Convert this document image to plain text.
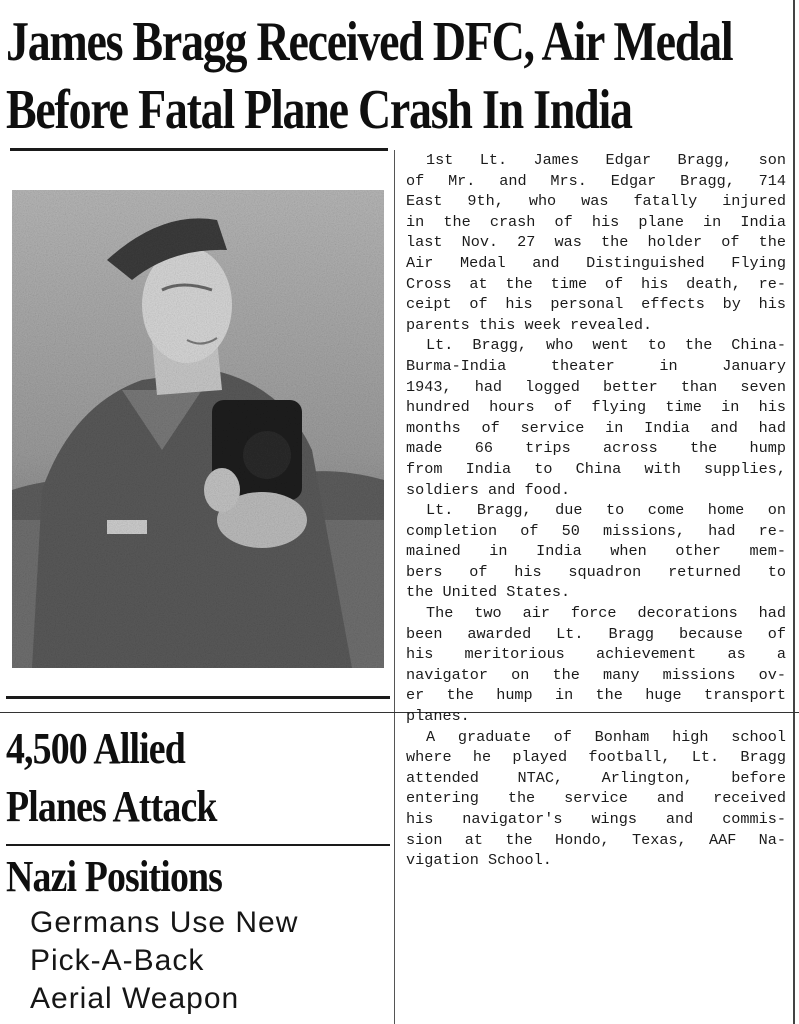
James Bragg Received DFC, Air Medal
Before Fatal Plane Crash In India
1st Lt. James Edgar Bragg, son
of Mr. and Mrs. Edgar Bragg, 714
East 9th, who was fatally injured
in the crash of his plane in India
last Nov. 27 was the holder of the
Air Medal and Distinguished Flying
Cross at the time of his death, re-
ceipt of his personal effects by his
parents this week revealed.
Lt. Bragg, who went to the China-
Burma-India theater in January
1943, had logged better than seven
hundred hours of flying time in his
months of service in India and had
made 66 trips across the hump
from India to China with supplies,
soldiers and food.
Lt. Bragg, due to come home on
completion of 50 missions, had re-
mained in India when other mem-
bers of his squadron returned to
the United States.
The two air force decorations had
been awarded Lt. Bragg because of
his meritorious achievement as a
navigator on the many missions ov-
er the hump in the huge transport
planes.
A graduate of Bonham high school
where he played football, Lt. Bragg
attended NTAC, Arlington, before
entering the service and received
his navigator's wings and commis-
sion at the Hondo, Texas, AAF Na-
vigation School.
4,500 Allied
Planes Attack
Nazi Positions
Germans Use New
Pick-A-Back
Aerial Weapon
